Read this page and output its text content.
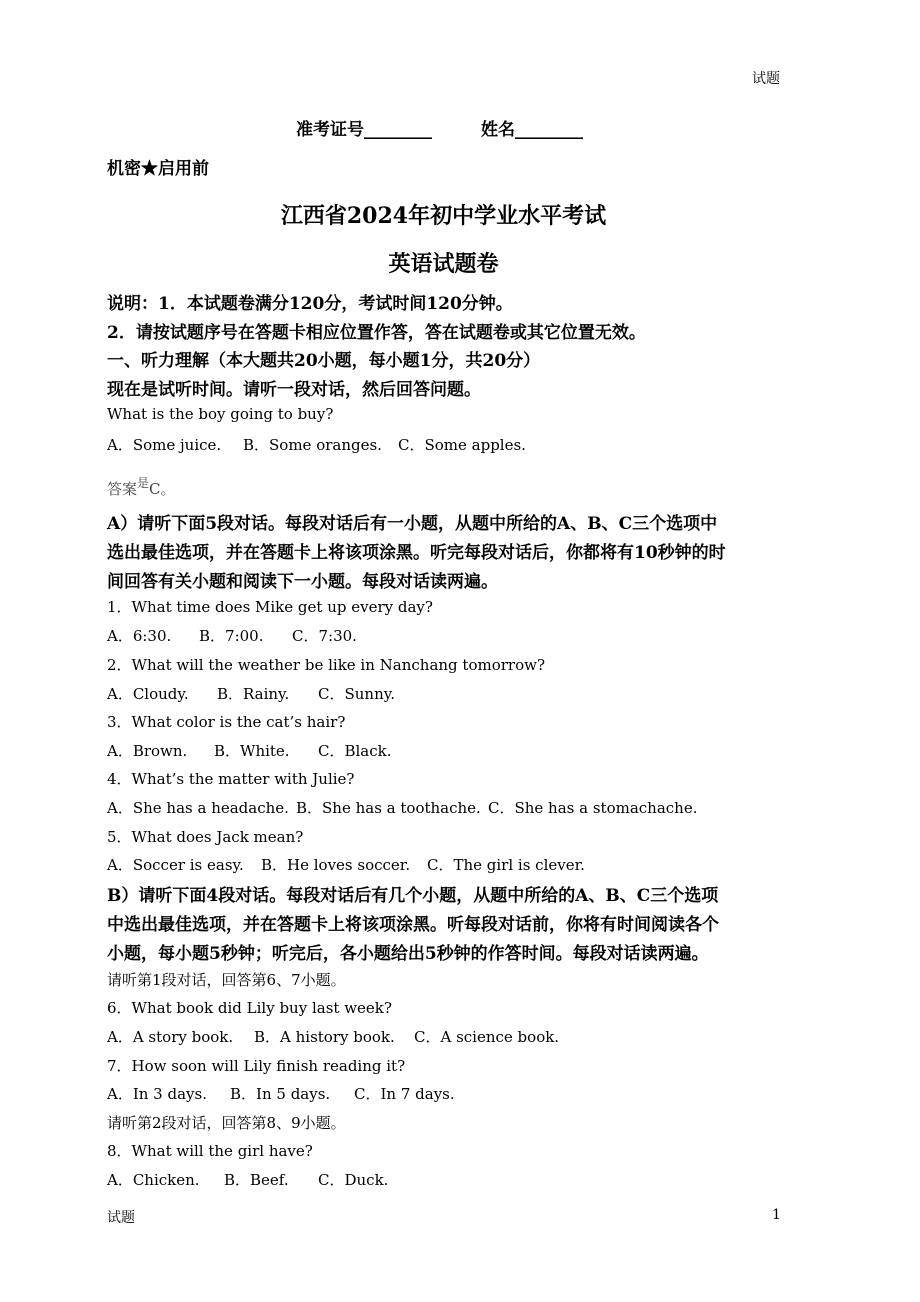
试题
准考证号________	姓名________
机密★启用前
江西省2024年初中学业水平考试
英语试题卷
说明：1．本试题卷满分120分，考试时间120分钟。
2．请按试题序号在答题卡相应位置作答，答在试题卷或其它位置无效。
一、听力理解（本大题共20小题，每小题1分，共20分）
现在是试听时间。请听一段对话，然后回答问题。
What is the boy going to buy?
A．Some juice. B．Some oranges. C．Some apples.
答案$^是$C。
A）请听下面5段对话。每段对话后有一小题，从题中所给的A、B、C三个选项中
选出最佳选项，并在答题卡上将该项涂黑。听完每段对话后，你都将有10秒钟的时
间回答有关小题和阅读下一小题。每段对话读两遍。
1．What time does Mike get up every day?
A．6:30. B．7:00. C．7:30.
2．What will the weather be like in Nanchang tomorrow?
A．Cloudy. B．Rainy. C．Sunny.
3．What color is the cat’s hair?
A．Brown. B．White. C．Black.
4．What’s the matter with Julie?
A．She has a headache. B．She has a toothache. C．She has a stomachache.
5．What does Jack mean?
A．Soccer is easy. B．He loves soccer. C．The girl is clever.
B）请听下面4段对话。每段对话后有几个小题，从题中所给的A、B、C三个选项
中选出最佳选项，并在答题卡上将该项涂黑。听每段对话前，你将有时间阅读各个
小题，每小题5秒钟；听完后，各小题给出5秒钟的作答时间。每段对话读两遍。
请听第1段对话，回答第6、7小题。
6．What book did Lily buy last week?
A．A story book. B．A history book. C．A science book.
7．How soon will Lily finish reading it?
A．In 3 days. B．In 5 days. C．In 7 days.
请听第2段对话，回答第8、9小题。
8．What will the girl have?
A．Chicken. B．Beef. C．Duck.
试题	1
